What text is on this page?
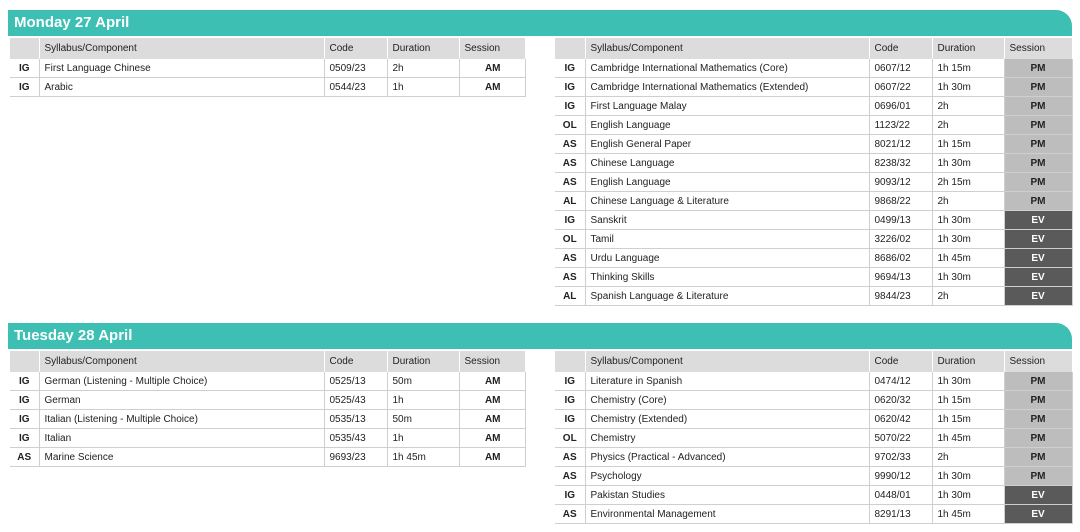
Monday 27 April
	Syllabus/Component	Code	Duration	Session
IG	First Language Chinese	0509/23	2h	AM
IG	Arabic	0544/23	1h	AM
	Syllabus/Component	Code	Duration	Session
IG	Cambridge International Mathematics (Core)	0607/12	1h 15m	PM
IG	Cambridge International Mathematics (Extended)	0607/22	1h 30m	PM
IG	First Language Malay	0696/01	2h	PM
OL	English Language	1123/22	2h	PM
AS	English General Paper	8021/12	1h 15m	PM
AS	Chinese Language	8238/32	1h 30m	PM
AS	English Language	9093/12	2h 15m	PM
AL	Chinese Language & Literature	9868/22	2h	PM
IG	Sanskrit	0499/13	1h 30m	EV
OL	Tamil	3226/02	1h 30m	EV
AS	Urdu Language	8686/02	1h 45m	EV
AS	Thinking Skills	9694/13	1h 30m	EV
AL	Spanish Language & Literature	9844/23	2h	EV
Tuesday 28 April
	Syllabus/Component	Code	Duration	Session
IG	German (Listening - Multiple Choice)	0525/13	50m	AM
IG	German	0525/43	1h	AM
IG	Italian (Listening - Multiple Choice)	0535/13	50m	AM
IG	Italian	0535/43	1h	AM
AS	Marine Science	9693/23	1h 45m	AM
	Syllabus/Component	Code	Duration	Session
IG	Literature in Spanish	0474/12	1h 30m	PM
IG	Chemistry (Core)	0620/32	1h 15m	PM
IG	Chemistry (Extended)	0620/42	1h 15m	PM
OL	Chemistry	5070/22	1h 45m	PM
AS	Physics (Practical - Advanced)	9702/33	2h	PM
AS	Psychology	9990/12	1h 30m	PM
IG	Pakistan Studies	0448/01	1h 30m	EV
AS	Environmental Management	8291/13	1h 45m	EV
